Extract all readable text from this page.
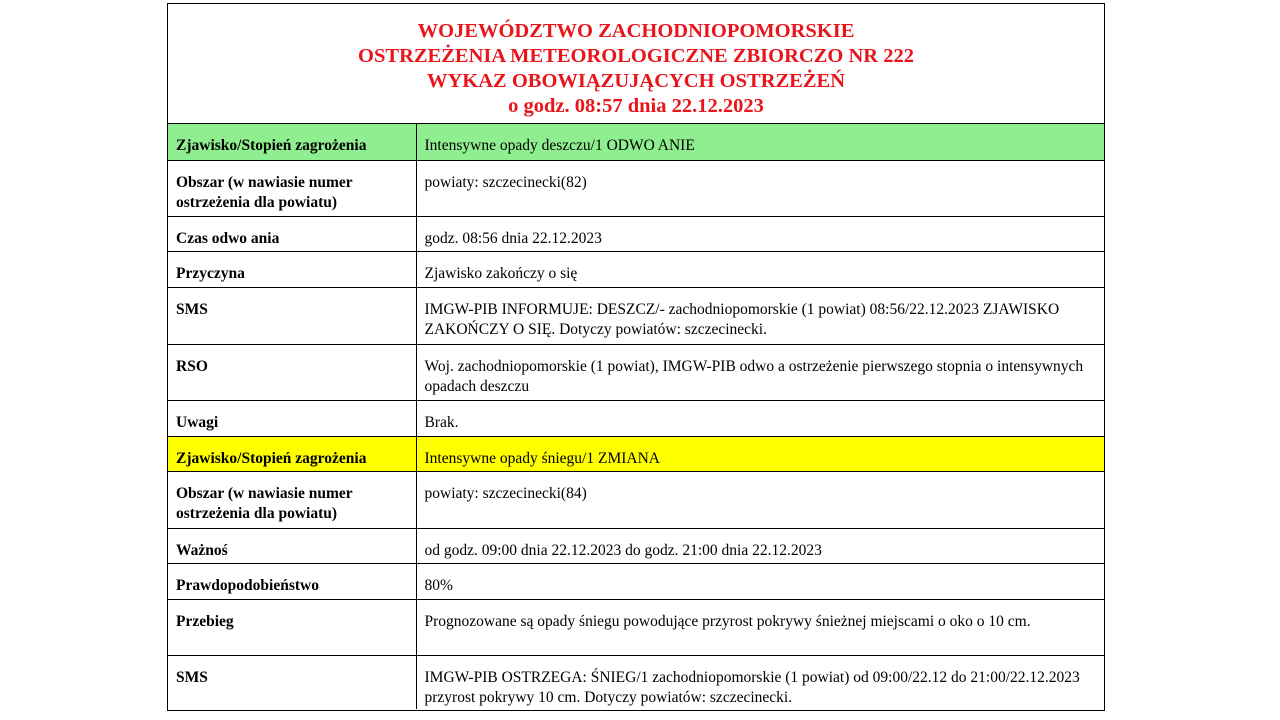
WOJEWÓDZTWO ZACHODNIOPOMORSKIE
OSTRZEŻENIA METEOROLOGICZNE ZBIORCZO NR 222
WYKAZ OBOWIĄZUJĄCYCH OSTRZEŻEŃ
o godz. 08:57 dnia 22.12.2023
Zjawisko/Stopień zagrożenia	Intensywne opady deszczu/1 ODWO ANIE
Obszar (w nawiasie numer ostrzeżenia dla powiatu)	powiaty: szczecinecki(82)
Czas odwo ania	godz. 08:56 dnia 22.12.2023
Przyczyna	Zjawisko zakończy o się
SMS	IMGW-PIB INFORMUJE: DESZCZ/- zachodniopomorskie (1 powiat) 08:56/22.12.2023 ZJAWISKO ZAKOŃCZY O SIĘ. Dotyczy powiatów: szczecinecki.
RSO	Woj. zachodniopomorskie (1 powiat), IMGW-PIB odwo a ostrzeżenie pierwszego stopnia o intensywnych opadach deszczu
Uwagi	Brak.
Zjawisko/Stopień zagrożenia	Intensywne opady śniegu/1 ZMIANA
Obszar (w nawiasie numer ostrzeżenia dla powiatu)	powiaty: szczecinecki(84)
Ważnoś	od godz. 09:00 dnia 22.12.2023 do godz. 21:00 dnia 22.12.2023
Prawdopodobieństwo	80%
Przebieg	Prognozowane są opady śniegu powodujące przyrost pokrywy śnieżnej miejscami o oko o 10 cm.
SMS	IMGW-PIB OSTRZEGA: ŚNIEG/1 zachodniopomorskie (1 powiat) od 09:00/22.12 do 21:00/22.12.2023 przyrost pokrywy 10 cm. Dotyczy powiatów: szczecinecki.
